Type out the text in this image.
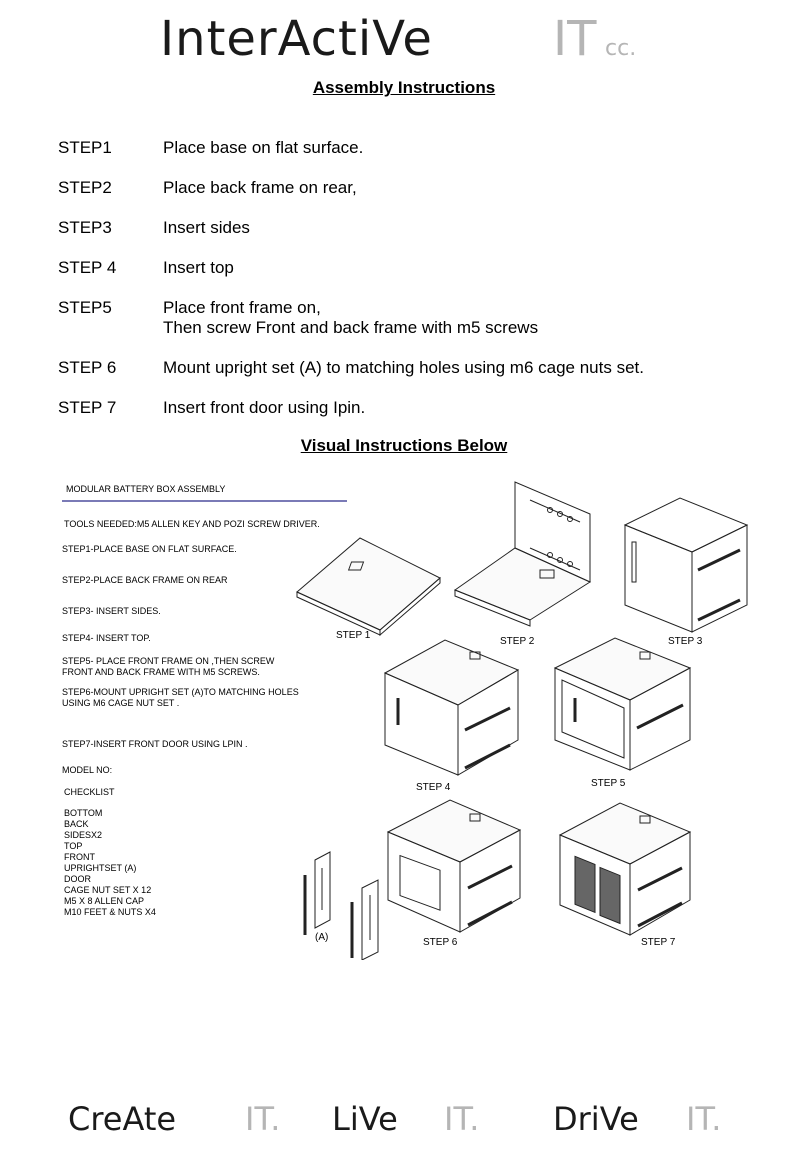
InterActiVe	IT cc.
Assembly Instructions
STEP1	Place base on flat surface.
STEP2	Place back frame on rear,
STEP3	Insert sides
STEP 4	Insert top
STEP5	Place front frame on,
Then screw Front and back frame with m5 screws
STEP 6	Mount upright set (A) to matching holes using m6 cage nuts set.
STEP 7	Insert front door using Ipin.
Visual Instructions Below
MODULAR BATTERY BOX ASSEMBLY
TOOLS NEEDED:M5 ALLEN KEY AND POZI SCREW DRIVER.
STEP1-PLACE BASE ON FLAT SURFACE.
STEP2-PLACE BACK FRAME ON REAR
STEP3- INSERT SIDES.
STEP4- INSERT TOP.
STEP5- PLACE FRONT FRAME ON ,THEN SCREW
FRONT AND BACK FRAME WITH M5 SCREWS.
STEP6-MOUNT UPRIGHT SET (A)TO MATCHING HOLES
USING M6 CAGE NUT SET .
STEP7-INSERT FRONT DOOR USING LPIN .
MODEL NO:
CHECKLIST
BOTTOM
BACK
SIDESX2
TOP
FRONT
UPRIGHTSET (A)
DOOR
CAGE NUT SET X 12
M5 X 8 ALLEN CAP
M10 FEET & NUTS X4
STEP 1
STEP 2	STEP 3
STEP 4	STEP 5
STEP 6	STEP 7
(A)
CreAte IT. LiVe IT. DriVe IT.
